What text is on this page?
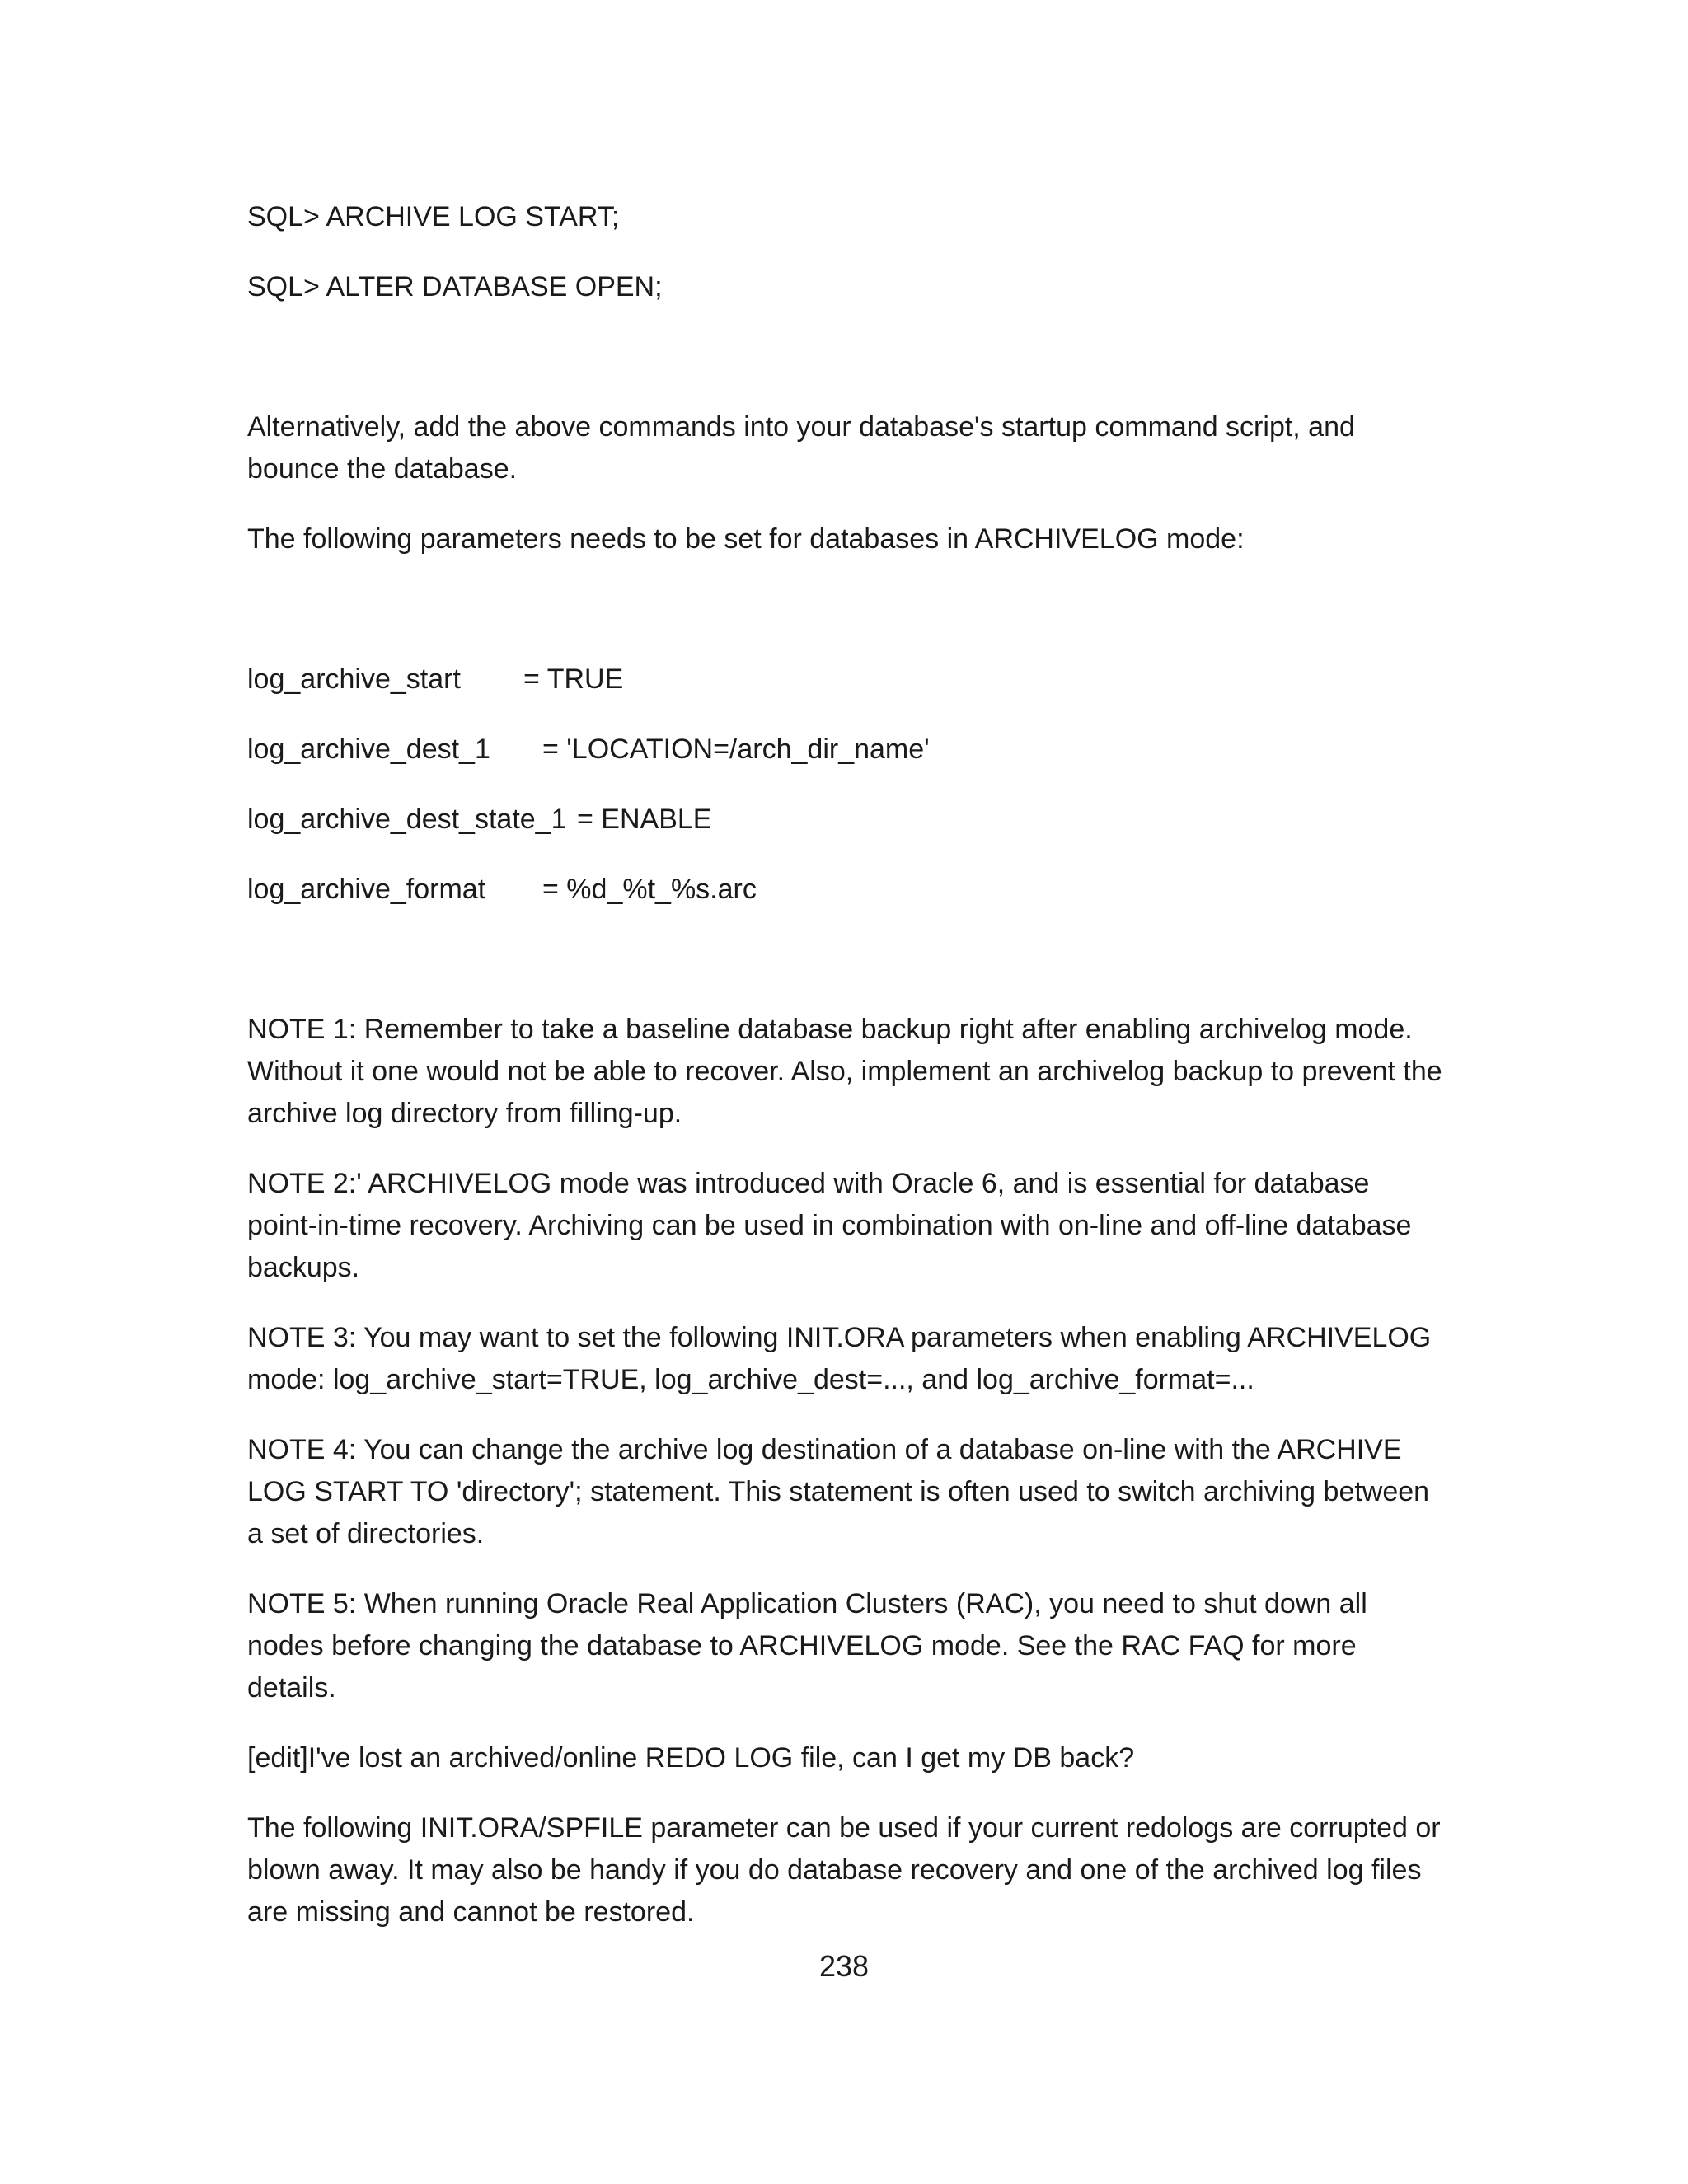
SQL> ARCHIVE LOG START;
SQL> ALTER DATABASE OPEN;

Alternatively, add the above commands into your database's startup command script, and bounce the database.

The following parameters needs to be set for databases in ARCHIVELOG mode:

log_archive_start	= TRUE
log_archive_dest_1	= 'LOCATION=/arch_dir_name'
log_archive_dest_state_1 = ENABLE
log_archive_format	= %d_%t_%s.arc

NOTE 1: Remember to take a baseline database backup right after enabling archivelog mode. Without it one would not be able to recover. Also, implement an archivelog backup to prevent the archive log directory from filling-up.

NOTE 2:' ARCHIVELOG mode was introduced with Oracle 6, and is essential for database point-in-time recovery. Archiving can be used in combination with on-line and off-line database backups.

NOTE 3: You may want to set the following INIT.ORA parameters when enabling ARCHIVELOG mode: log_archive_start=TRUE, log_archive_dest=..., and log_archive_format=...

NOTE 4: You can change the archive log destination of a database on-line with the ARCHIVE LOG START TO 'directory'; statement. This statement is often used to switch archiving between a set of directories.

NOTE 5: When running Oracle Real Application Clusters (RAC), you need to shut down all nodes before changing the database to ARCHIVELOG mode. See the RAC FAQ for more details.

[edit]I've lost an archived/online REDO LOG file, can I get my DB back?

The following INIT.ORA/SPFILE parameter can be used if your current redologs are corrupted or blown away. It may also be handy if you do database recovery and one of the archived log files are missing and cannot be restored.

238
